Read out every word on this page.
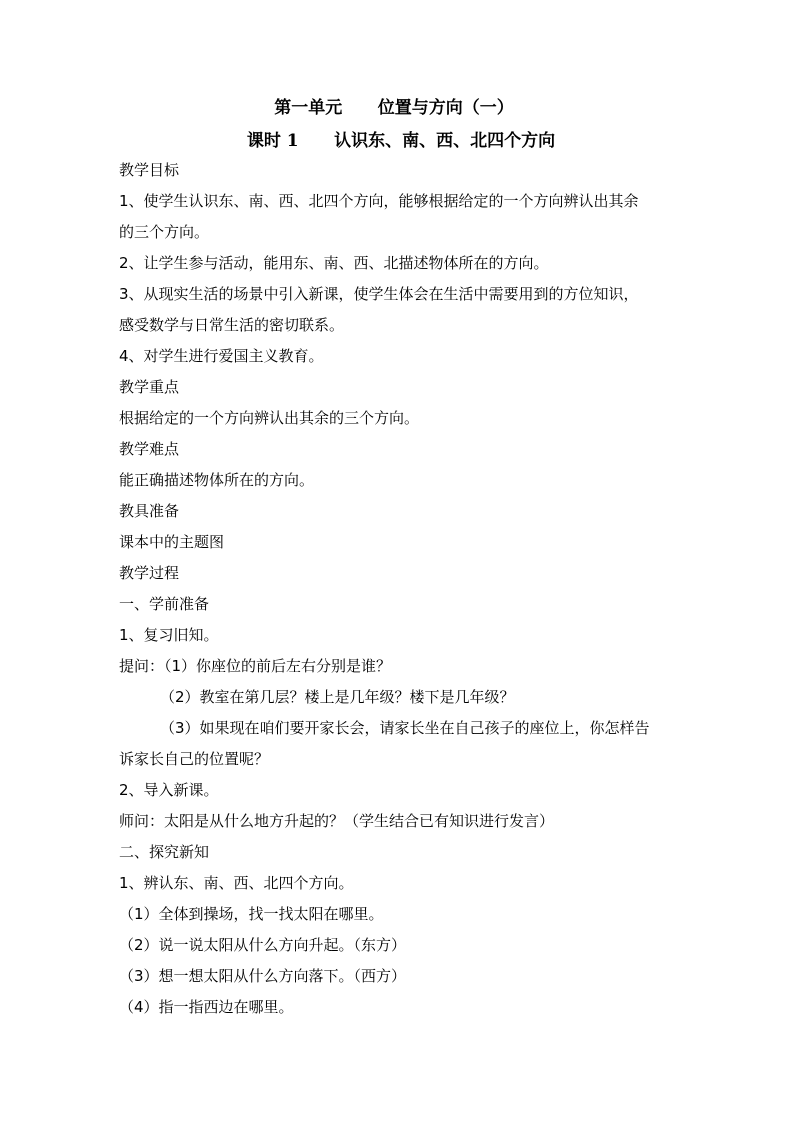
第一单元      位置与方向（一）
课时 1      认识东、南、西、北四个方向
教学目标
1、使学生认识东、南、西、北四个方向，能够根据给定的一个方向辨认出其余
的三个方向。
2、让学生参与活动，能用东、南、西、北描述物体所在的方向。
3、从现实生活的场景中引入新课，使学生体会在生活中需要用到的方位知识，
感受数学与日常生活的密切联系。
4、对学生进行爱国主义教育。
教学重点
根据给定的一个方向辨认出其余的三个方向。
教学难点
能正确描述物体所在的方向。
教具准备
课本中的主题图
教学过程
一、学前准备
1、复习旧知。
提问：（1）你座位的前后左右分别是谁？
（2）教室在第几层？楼上是几年级？楼下是几年级？
（3）如果现在咱们要开家长会，请家长坐在自己孩子的座位上，你怎样告
诉家长自己的位置呢？
2、导入新课。
师问：太阳是从什么地方升起的？（学生结合已有知识进行发言）
二、探究新知
1、辨认东、南、西、北四个方向。
（1）全体到操场，找一找太阳在哪里。
（2）说一说太阳从什么方向升起。（东方）
（3）想一想太阳从什么方向落下。（西方）
（4）指一指西边在哪里。
